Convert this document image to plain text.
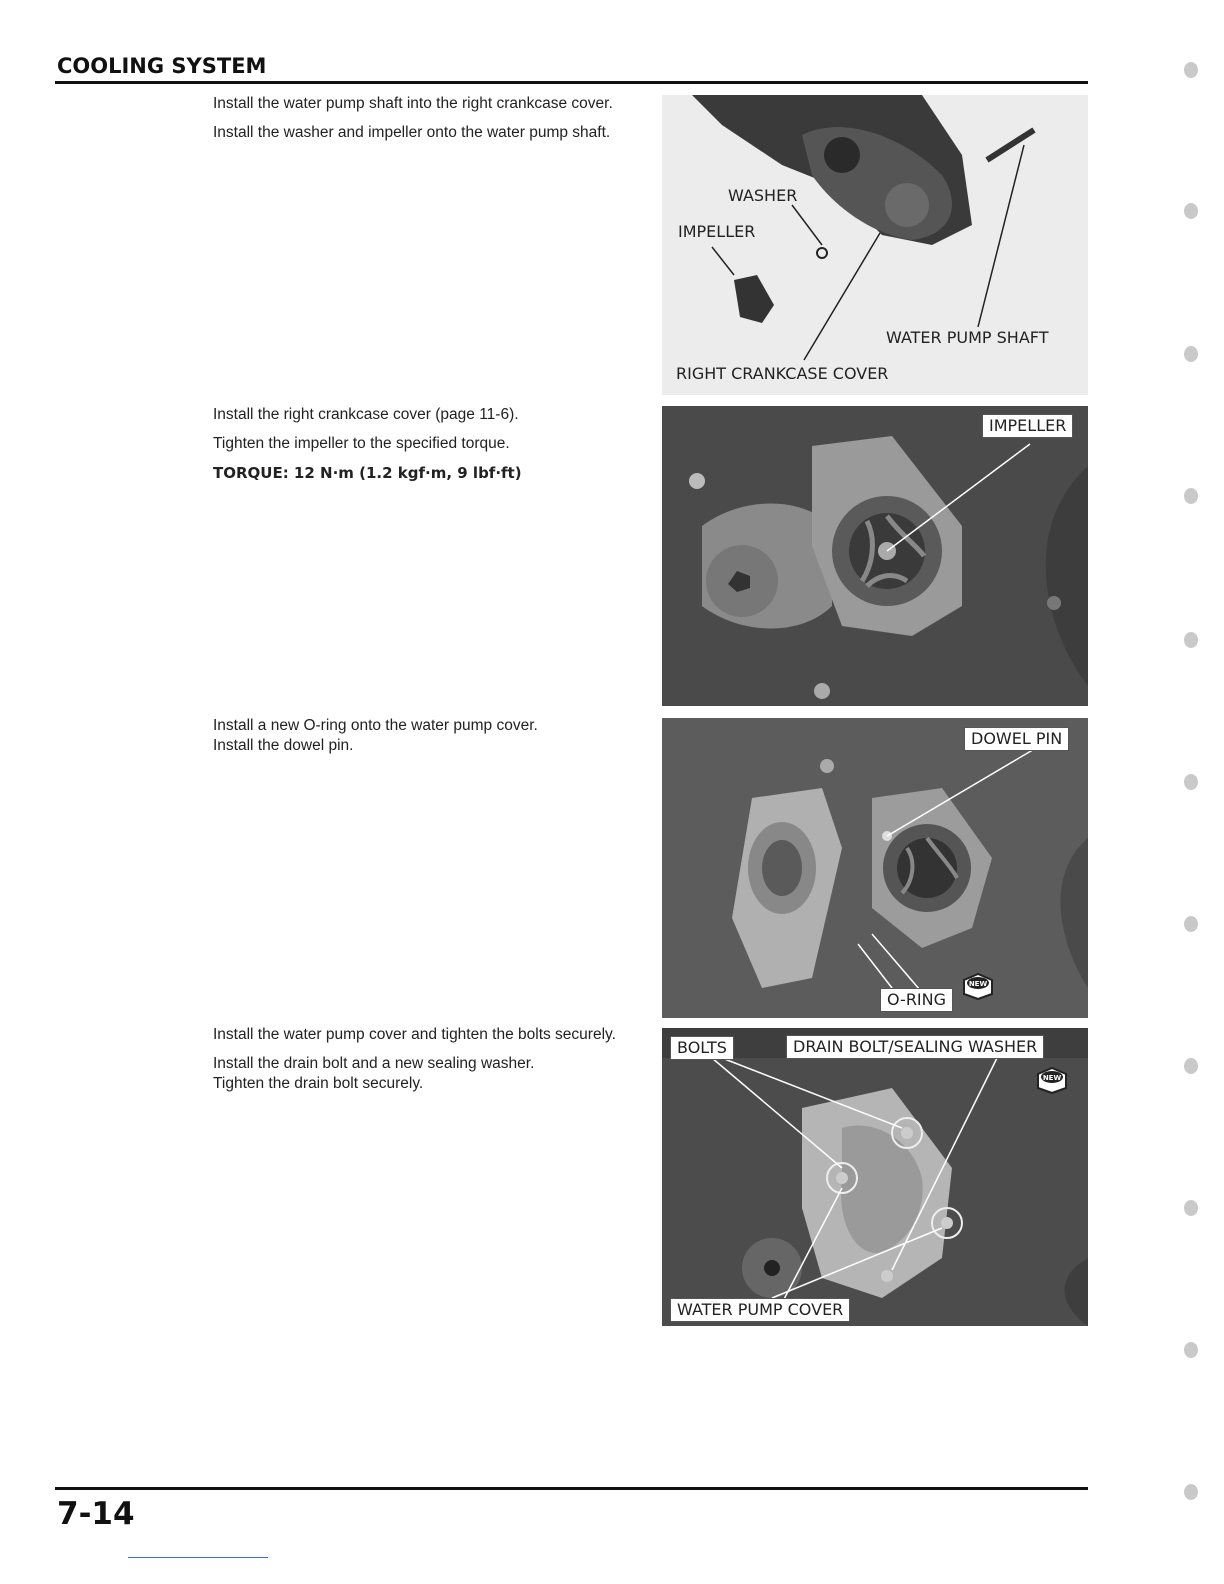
COOLING SYSTEM

Install the water pump shaft into the right crankcase cover.

Install the washer and impeller onto the water pump shaft.

Install the right crankcase cover (page 11-6).

Tighten the impeller to the specified torque.

TORQUE: 12 N·m (1.2 kgf·m, 9 lbf·ft)

Install a new O-ring onto the water pump cover.
Install the dowel pin.

Install the water pump cover and tighten the bolts securely.

Install the drain bolt and a new sealing washer.
Tighten the drain bolt securely.
WASHER
IMPELLER
WATER PUMP SHAFT
RIGHT CRANKCASE COVER
IMPELLER
DOWEL PIN
O-RING
NEW
BOLTS	DRAIN BOLT/SEALING WASHER
WATER PUMP COVER
NEW
7-14
